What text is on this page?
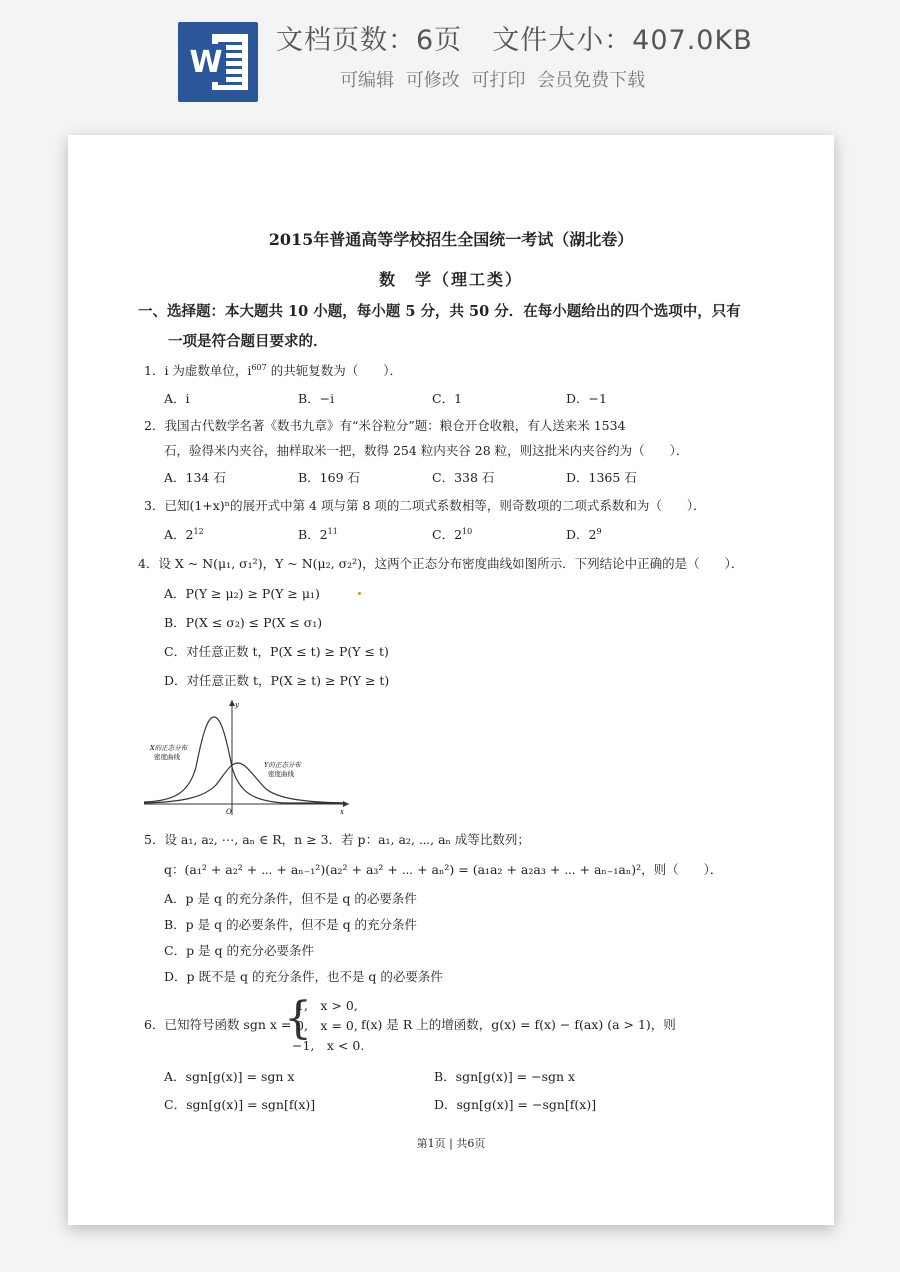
W
文档页数：6页 文件大小：407.0KB
可编辑 可修改 可打印 会员免费下载
2015年普通高等学校招生全国统一考试（湖北卷）
数　学（理工类）
一、选择题：本大题共 10 小题，每小题 5 分，共 50 分．在每小题给出的四个选项中，只有
一项是符合题目要求的．
1．i 为虚数单位，$i^{607}$ 的共轭复数为（　　）．
A．i	B．−i	C．1	D．−1
2．我国古代数学名著《数书九章》有“米谷粒分”题：粮仓开仓收粮，有人送来米 1534
石，验得米内夹谷，抽样取米一把，数得 254 粒内夹谷 28 粒，则这批米内夹谷约为（　　）．
A．134 石	B．169 石	C．338 石	D．1365 石
3．已知(1+x)ⁿ的展开式中第 4 项与第 8 项的二项式系数相等，则奇数项的二项式系数和为（　　）．
A．$2^{12}$	B．$2^{11}$	C．$2^{10}$	D．$2^9$
4．设 X ~ N(μ₁, σ₁²)，Y ~ N(μ₂, σ₂²)，这两个正态分布密度曲线如图所示．下列结论中正确的是（　　）．
A．P(Y ≥ μ₂) ≥ P(Y ≥ μ₁)
B．P(X ≤ σ₂) ≤ P(X ≤ σ₁)
C．对任意正数 t，P(X ≤ t) ≥ P(Y ≤ t)
D．对任意正数 t，P(X ≥ t) ≥ P(Y ≥ t)
X的正态分布
密度曲线
Y的正态分布
密度曲线
y
x
O
5．设 a₁, a₂, ⋯, aₙ ∈ R，n ≥ 3．若 p：a₁, a₂, ⋯, aₙ 成等比数列；
q：(a₁² + a₂² + ⋯ + aₙ₋₁²)(a₂² + a₃² + ⋯ + aₙ²) = (a₁a₂ + a₂a₃ + ⋯ + aₙ₋₁aₙ)²，则（　　）．
A．p 是 q 的充分条件，但不是 q 的必要条件
B．p 是 q 的必要条件，但不是 q 的充分条件
C．p 是 q 的充分必要条件
D．p 既不是 q 的充分条件，也不是 q 的必要条件
6．已知符号函数 sgn x =
{
1,　x > 0,
0,　x = 0,
−1,　x < 0.
f(x) 是 R 上的增函数，g(x) = f(x) − f(ax) (a > 1)，则
A．sgn[g(x)] = sgn x	B．sgn[g(x)] = −sgn x
C．sgn[g(x)] = sgn[f(x)]	D．sgn[g(x)] = −sgn[f(x)]
第1页 | 共6页
